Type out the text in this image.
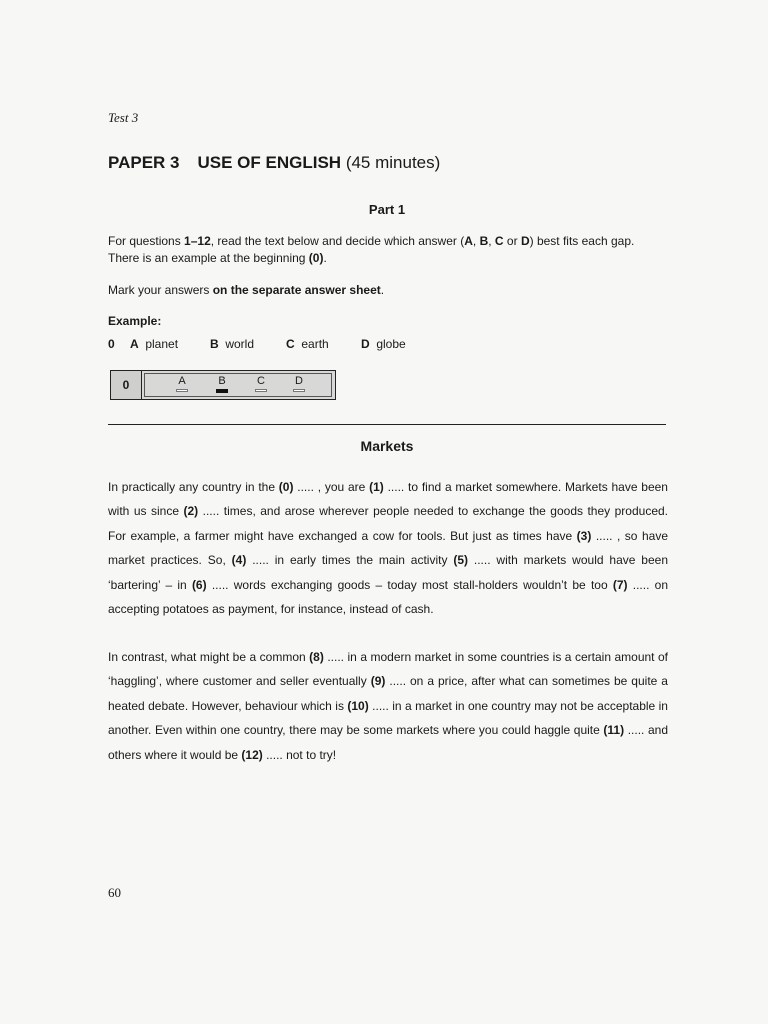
Test 3
PAPER 3 USE OF ENGLISH (45 minutes)
Part 1
For questions 1–12, read the text below and decide which answer (A, B, C or D) best fits each gap.
There is an example at the beginning (0).
Mark your answers on the separate answer sheet.
Example:
0 A planet	B world	C earth	D globe
0	A	B	C	D
Markets

In practically any country in the (0) ..... , you are (1) ..... to find a market somewhere. Markets have been with us since (2) ..... times, and arose wherever people needed to exchange the goods they produced. For example, a farmer might have exchanged a cow for tools. But just as times have (3) ..... , so have market practices. So, (4) ..... in early times the main activity (5) ..... with markets would have been ‘bartering’ – in (6) ..... words exchanging goods – today most stall-holders wouldn’t be too (7) ..... on accepting potatoes as payment, for instance, instead of cash.

In contrast, what might be a common (8) ..... in a modern market in some countries is a certain amount of ‘haggling’, where customer and seller eventually (9) ..... on a price, after what can sometimes be quite a heated debate. However, behaviour which is (10) ..... in a market in one country may not be acceptable in another. Even within one country, there may be some markets where you could haggle quite (11) ..... and others where it would be (12) ..... not to try!

60
